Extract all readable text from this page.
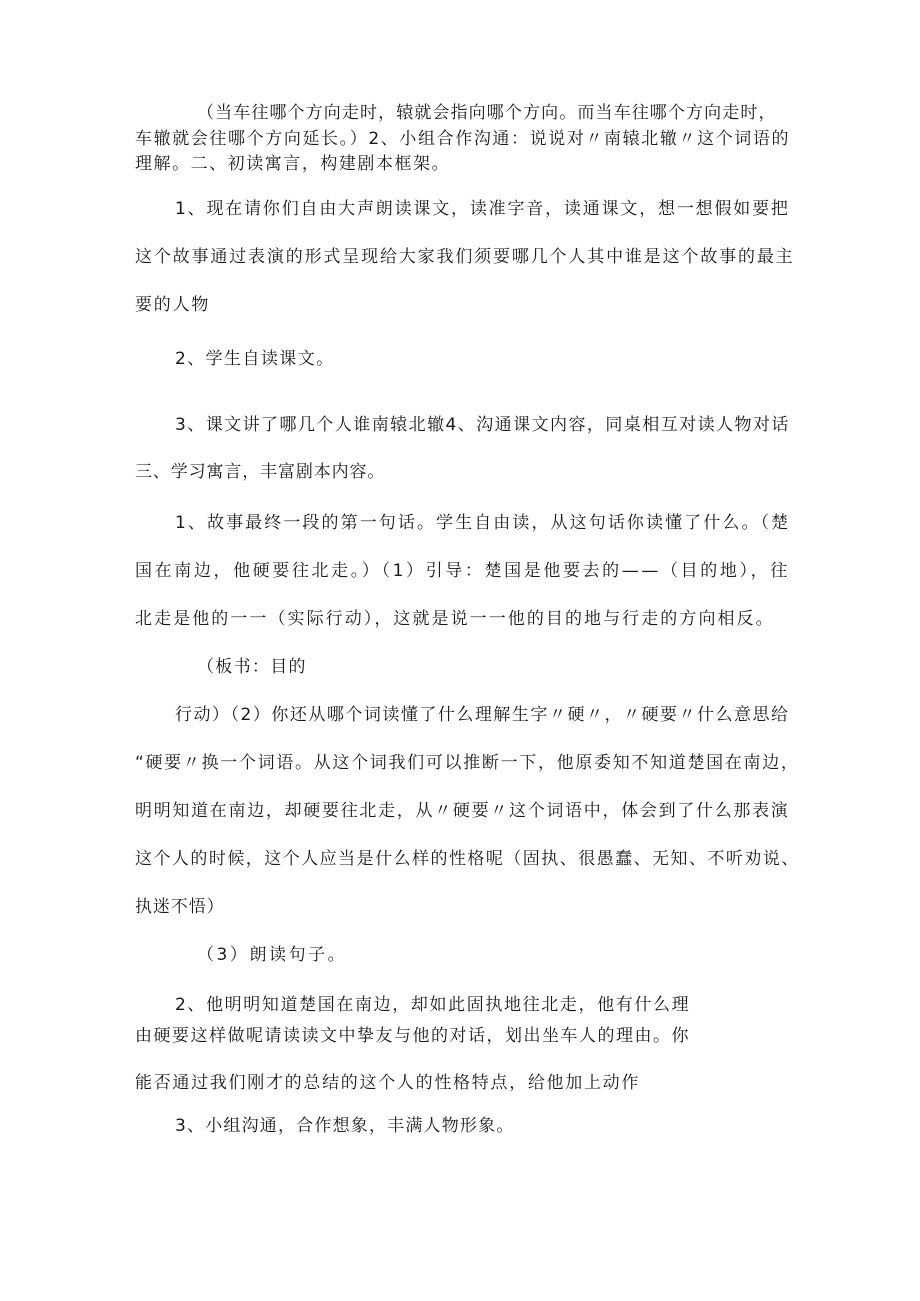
（当车往哪个方向走时，辕就会指向哪个方向。而当车往哪个方向走时，
车辙就会往哪个方向延长。）2、小组合作沟通：说说对〃南辕北辙〃这个词语的
理解。二、初读寓言，构建剧本框架。
1、现在请你们自由大声朗读课文，读准字音，读通课文，想一想假如要把
这个故事通过表演的形式呈现给大家我们须要哪几个人其中谁是这个故事的最主
要的人物
2、学生自读课文。
3、课文讲了哪几个人谁南辕北辙4、沟通课文内容，同桌相互对读人物对话
三、学习寓言，丰富剧本内容。
1、故事最终一段的第一句话。学生自由读，从这句话你读懂了什么。（楚
国在南边，他硬要往北走。）（1）引导：楚国是他要去的——（目的地），往
北走是他的一一（实际行动），这就是说一一他的目的地与行走的方向相反。
（板书：目的
行动）（2）你还从哪个词读懂了什么理解生字〃硬〃，〃硬要〃什么意思给
“硬要〃换一个词语。从这个词我们可以推断一下，他原委知不知道楚国在南边，
明明知道在南边，却硬要往北走，从〃硬要〃这个词语中，体会到了什么那表演
这个人的时候，这个人应当是什么样的性格呢（固执、很愚蠢、无知、不听劝说、
执迷不悟）
（3）朗读句子。
2、他明明知道楚国在南边，却如此固执地往北走，他有什么理
由硬要这样做呢请读读文中挚友与他的对话，划出坐车人的理由。你
能否通过我们刚才的总结的这个人的性格特点，给他加上动作
3、小组沟通，合作想象，丰满人物形象。
